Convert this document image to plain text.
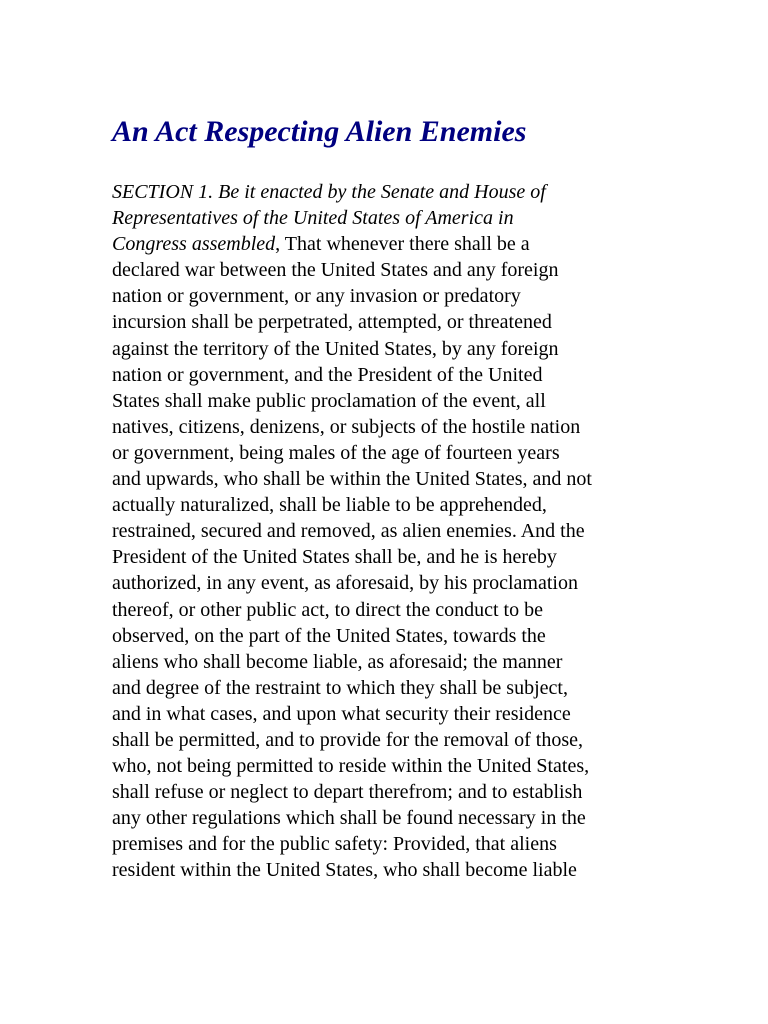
An Act Respecting Alien Enemies
SECTION 1. Be it enacted by the Senate and House of
Representatives of the United States of America in
Congress assembled, That whenever there shall be a
declared war between the United States and any foreign
nation or government, or any invasion or predatory
incursion shall be perpetrated, attempted, or threatened
against the territory of the United States, by any foreign
nation or government, and the President of the United
States shall make public proclamation of the event, all
natives, citizens, denizens, or subjects of the hostile nation
or government, being males of the age of fourteen years
and upwards, who shall be within the United States, and not
actually naturalized, shall be liable to be apprehended,
restrained, secured and removed, as alien enemies. And the
President of the United States shall be, and he is hereby
authorized, in any event, as aforesaid, by his proclamation
thereof, or other public act, to direct the conduct to be
observed, on the part of the United States, towards the
aliens who shall become liable, as aforesaid; the manner
and degree of the restraint to which they shall be subject,
and in what cases, and upon what security their residence
shall be permitted, and to provide for the removal of those,
who, not being permitted to reside within the United States,
shall refuse or neglect to depart therefrom; and to establish
any other regulations which shall be found necessary in the
premises and for the public safety: Provided, that aliens
resident within the United States, who shall become liable
